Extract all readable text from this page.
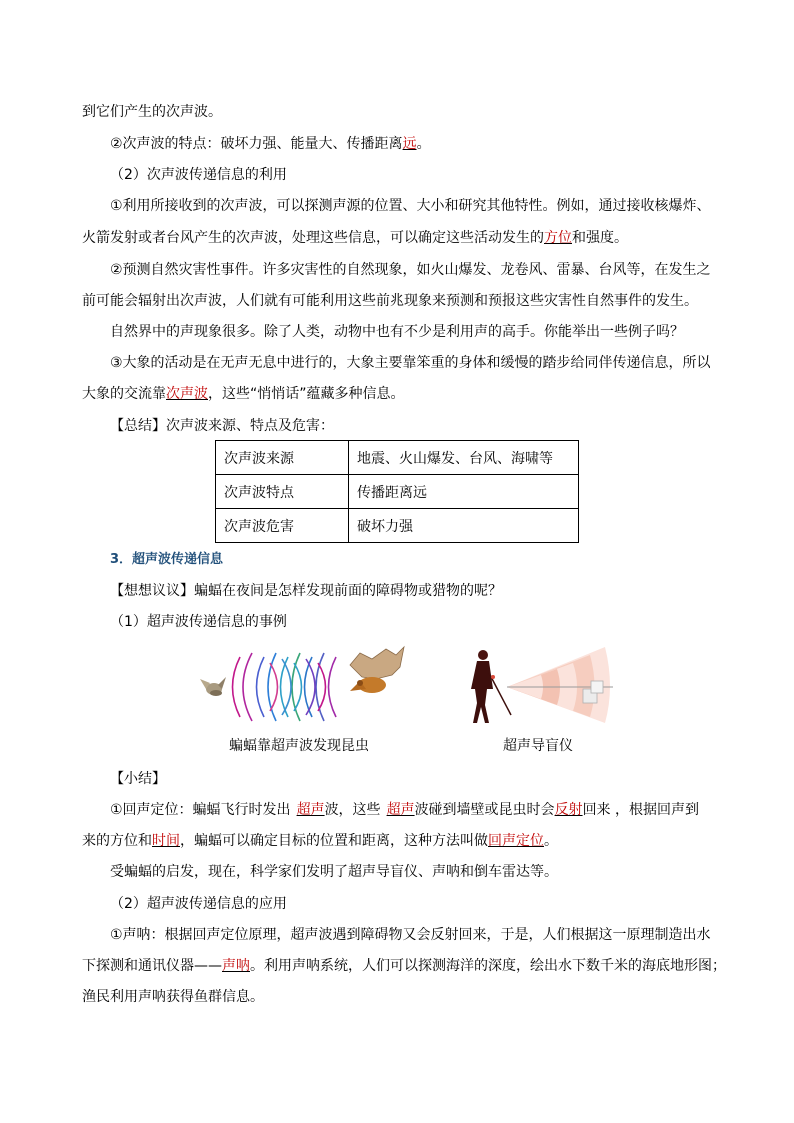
到它们产生的次声波。
②次声波的特点：破坏力强、能量大、传播距离远。
（2）次声波传递信息的利用
①利用所接收到的次声波，可以探测声源的位置、大小和研究其他特性。例如，通过接收核爆炸、
火箭发射或者台风产生的次声波，处理这些信息，可以确定这些活动发生的方位和强度。
②预测自然灾害性事件。许多灾害性的自然现象，如火山爆发、龙卷风、雷暴、台风等，在发生之
前可能会辐射出次声波，人们就有可能利用这些前兆现象来预测和预报这些灾害性自然事件的发生。
自然界中的声现象很多。除了人类，动物中也有不少是利用声的高手。你能举出一些例子吗？
③大象的活动是在无声无息中进行的，大象主要靠笨重的身体和缓慢的踏步给同伴传递信息，所以
大象的交流靠次声波，这些“悄悄话”蕴藏多种信息。
【总结】次声波来源、特点及危害：
次声波来源	地震、火山爆发、台风、海啸等
次声波特点	传播距离远
次声波危害	破坏力强
3．超声波传递信息
【想想议议】蝙蝠在夜间是怎样发现前面的障碍物或猎物的呢？
（1）超声波传递信息的事例
蝙蝠靠超声波发现昆虫	超声导盲仪
【小结】
①回声定位：蝙蝠飞行时发出 超声波，这些 超声波碰到墙壁或昆虫时会反射回来 ，根据回声到
来的方位和时间，蝙蝠可以确定目标的位置和距离，这种方法叫做回声定位。
受蝙蝠的启发，现在，科学家们发明了超声导盲仪、声呐和倒车雷达等。
（2）超声波传递信息的应用
①声呐：根据回声定位原理，超声波遇到障碍物又会反射回来，于是，人们根据这一原理制造出水
下探测和通讯仪器——声呐。利用声呐系统，人们可以探测海洋的深度，绘出水下数千米的海底地形图；
渔民利用声呐获得鱼群信息。
